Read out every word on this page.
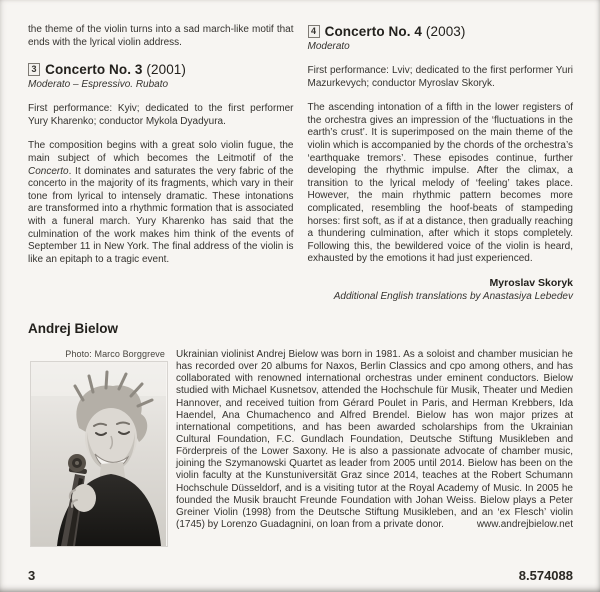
the theme of the violin turns into a sad march-like motif that ends with the lyrical violin address.

3 Concerto No. 3 (2001)

Moderato – Espressivo. Rubato

First performance: Kyiv; dedicated to the first performer Yury Kharenko; conductor Mykola Dyadyura.

The composition begins with a great solo violin fugue, the main subject of which becomes the Leitmotif of the Concerto. It dominates and saturates the very fabric of the concerto in the majority of its fragments, which vary in their tone from lyrical to intensely dramatic. These intonations are transformed into a rhythmic formation that is associated with a funeral march. Yury Kharenko has said that the culmination of the work makes him think of the events of September 11 in New York. The final address of the violin is like an epitaph to a tragic event.

4 Concerto No. 4 (2003)

Moderato

First performance: Lviv; dedicated to the first performer Yuri Mazurkevych; conductor Myroslav Skoryk.

The ascending intonation of a fifth in the lower registers of the orchestra gives an impression of the ‘fluctuations in the earth’s crust’. It is superimposed on the main theme of the violin which is accompanied by the chords of the orchestra’s ‘earthquake tremors’. These episodes continue, further developing the rhythmic impulse. After the climax, a transition to the lyrical melody of ‘feeling’ takes place. However, the main rhythmic pattern becomes more complicated, resembling the hoof-beats of stampeding horses: first soft, as if at a distance, then gradually reaching a thundering culmination, after which it stops completely. Following this, the bewildered voice of the violin is heard, exhausted by the emotions it had just experienced.

Myroslav Skoryk
Additional English translations by Anastasiya Lebedev
Andrej Bielow
Photo: Marco Borggreve Ukrainian violinist Andrej Bielow was born in 1981. As a soloist and chamber musician he has recorded over 20 albums for Naxos, Berlin Classics and cpo among others, and has collaborated with renowned international orchestras under eminent conductors. Bielow studied with Michael Kusnetsov, attended the Hochschule für Musik, Theater und Medien Hannover, and received tuition from Gérard Poulet in Paris, and Herman Krebbers, Ida Haendel, Ana Chumachenco and Alfred Brendel. Bielow has won major prizes at international competitions, and has been awarded scholarships from the Ukrainian Cultural Foundation, F.C. Gundlach Foundation, Deutsche Stiftung Musikleben and Förderpreis of the Lower Saxony. He is also a passionate advocate of chamber music, joining the Szymanowski Quartet as leader from 2005 until 2014. Bielow has been on the violin faculty at the Kunstuniversität Graz since 2014, teaches at the Robert Schumann Hochschule Düsseldorf, and is a visiting tutor at the Royal Academy of Music. In 2005 he founded the Musik braucht Freunde Foundation with Johan Weiss. Bielow plays a Peter Greiner Violin (1998) from the Deutsche Stiftung Musikleben, and an ‘ex Flesch’ violin (1745) by Lorenzo Guadagnini, on loan from a private donor.	www.andrejbielow.net
3	8.574088
